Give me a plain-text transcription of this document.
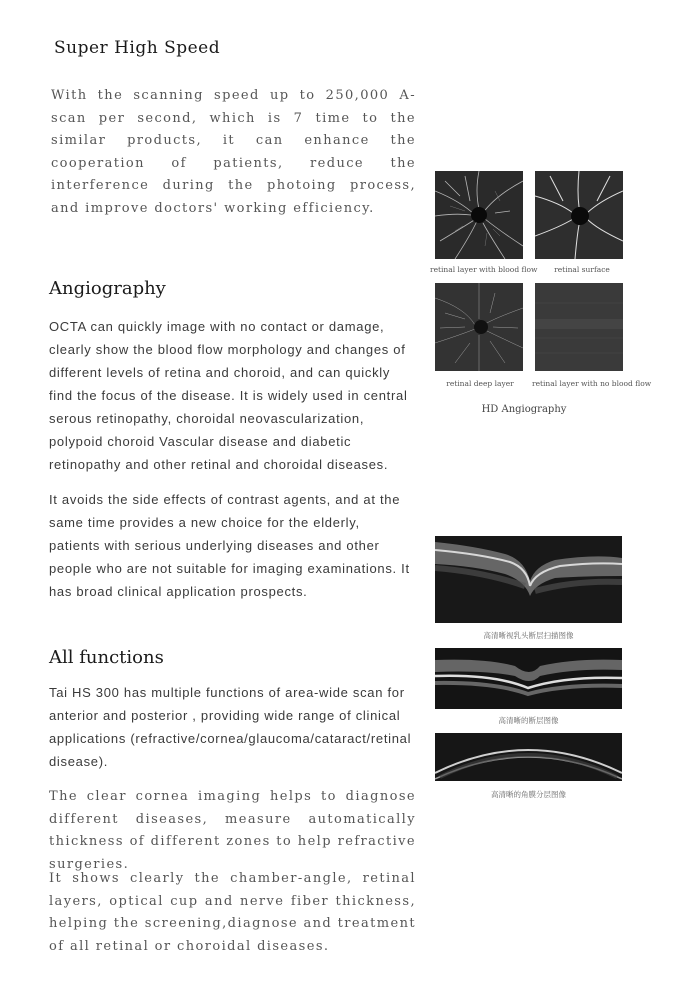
Super High Speed

With the scanning speed up to 250,000 A-scan per second, which is 7 time to the similar products, it can enhance the cooperation of patients, reduce the interference during the photoing process, and improve doctors' working efficiency.

Angiography

OCTA can quickly image with no contact or damage, clearly show the blood flow morphology and changes of different levels of retina and choroid, and can quickly find the focus of the disease. It is widely used in central serous retinopathy, choroidal neovascularization, polypoid choroid Vascular disease and diabetic retinopathy and other retinal and choroidal diseases.

It avoids the side effects of contrast agents, and at the same time provides a new choice for the elderly, patients with serious underlying diseases and other people who are not suitable for imaging examinations. It has broad clinical application prospects.

retinal layer with blood flow	retinal surface
retinal deep layer	retinal layer with no blood flow
HD Angiography
All functions

Tai HS 300 has multiple functions of area-wide scan for anterior and posterior , providing wide range of clinical applications (refractive/cornea/glaucoma/cataract/retinal disease).

The clear cornea imaging helps to diagnose different diseases, measure automatically thickness of different zones to help refractive surgeries.

It shows clearly the chamber-angle, retinal layers, optical cup and nerve fiber thickness, helping the screening,diagnose and treatment of all retinal or choroidal diseases.

高清晰视乳头断层扫描图像
高清晰的断层图像
高清晰的角膜分层图像
